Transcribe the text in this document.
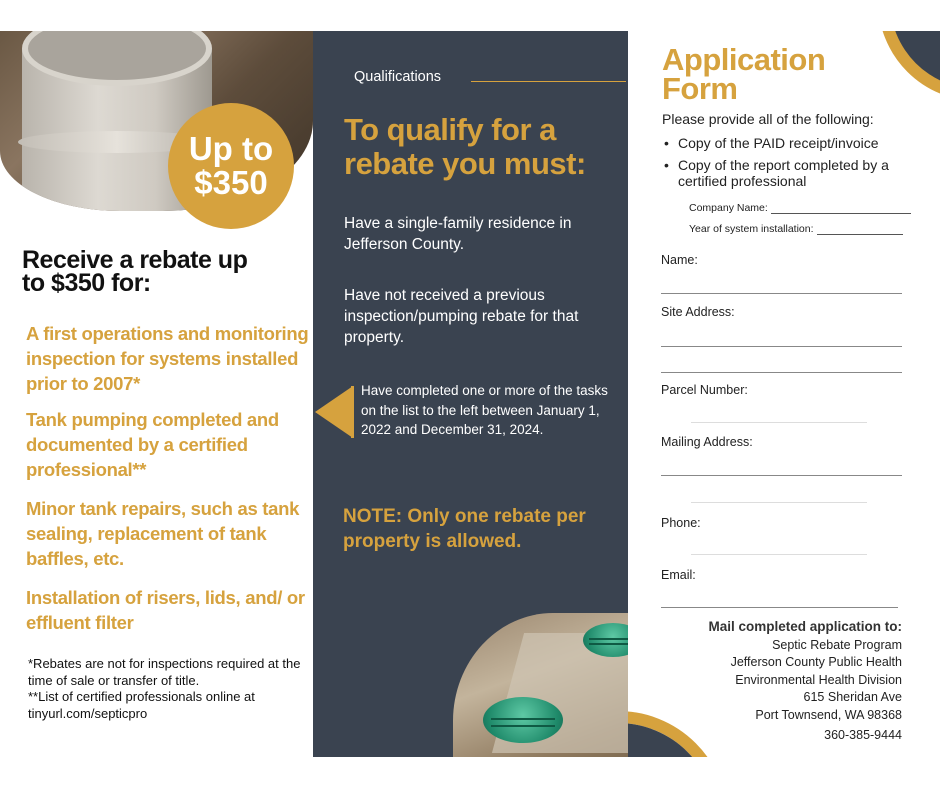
Up to
$350
Receive a rebate up
to $350 for:

A first operations and monitoring inspection for systems installed prior to 2007*

Tank pumping completed and documented by a certified professional**

Minor tank repairs, such as tank sealing, replacement of tank baffles, etc.

Installation of risers, lids, and/ or effluent filter

*Rebates are not for inspections required at the time of sale or transfer of title.

**List of certified professionals online at tinyurl.com/septicpro

Qualifications
To qualify for a
rebate you must:

Have a single-family residence in Jefferson County.

Have not received a previous inspection/pumping rebate for that property.

Have completed one or more of the tasks on the list to the left between January 1, 2022 and December 31, 2024.

NOTE: Only one rebate per property is allowed.

Application
Form

Please provide all of the following:

• Copy of the PAID receipt/invoice
• Copy of the report completed by a certified professional
Company Name:
Year of system installation:
Name:
Site Address:
Parcel Number:
Mailing Address:
Phone:
Email:
Mail completed application to:
Septic Rebate Program
Jefferson County Public Health
Environmental Health Division
615 Sheridan Ave
Port Townsend, WA 98368
360-385-9444
